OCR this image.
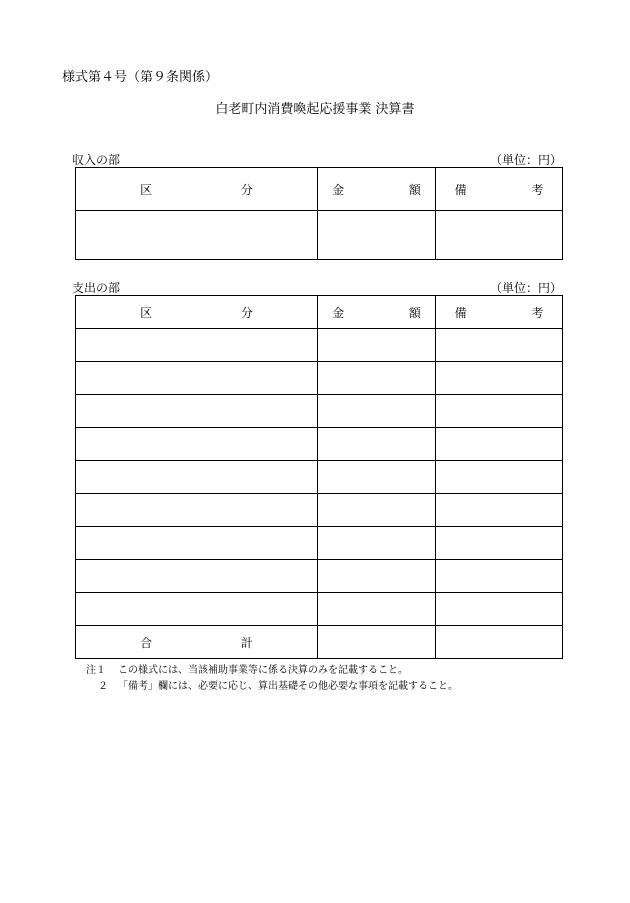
様式第４号（第９条関係）
白老町内消費喚起応援事業 決算書
収入の部	（単位：円）
区　分	金　額	備　考

支出の部	（単位：円）
区　分	金　額	備　考

合　計		
注１	この様式には、当該補助事業等に係る決算のみを記載すること。
２	「備考」欄には、必要に応じ、算出基礎その他必要な事項を記載すること。
